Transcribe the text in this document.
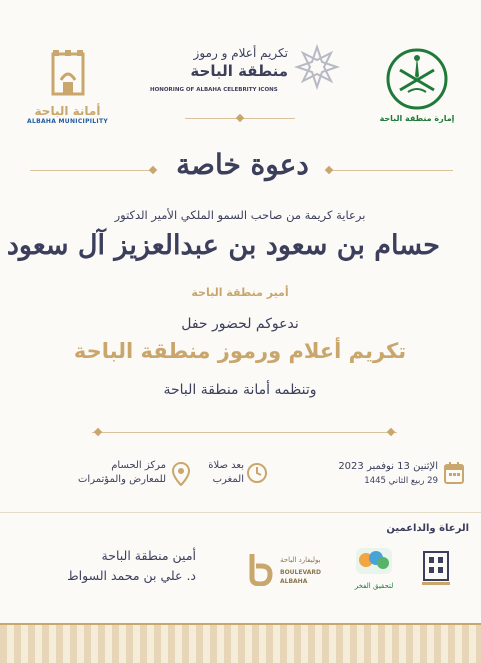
أمانة الباحة
ALBAHA MUNICIPILITY
تكريم أعلام و رموز
منطقة الباحة
HONORING OF ALBAHA CELEBRITY ICONS
إمارة منطقة الباحة
دعوة خاصة
برعاية كريمة من صاحب السمو الملكي الأمير الدكتور
حسام بن سعود بن عبدالعزيز آل سعود
أمير منطقة الباحة
ندعوكم لحضور حفل
تكريم أعلام ورموز منطقة الباحة
وتنظمه أمانة منطقة الباحة
الإثنين 13 نوفمبر 2023
29 ربيع الثاني 1445
بعد صلاة
المغرب
مركز الحسام
للمعارض والمؤتمرات
الرعاة والداعمين
لتحقيق الفخر
بوليفارد الباحة
BOULEVARD ALBAHA
أمين منطقة الباحة
د. علي بن محمد السواط
